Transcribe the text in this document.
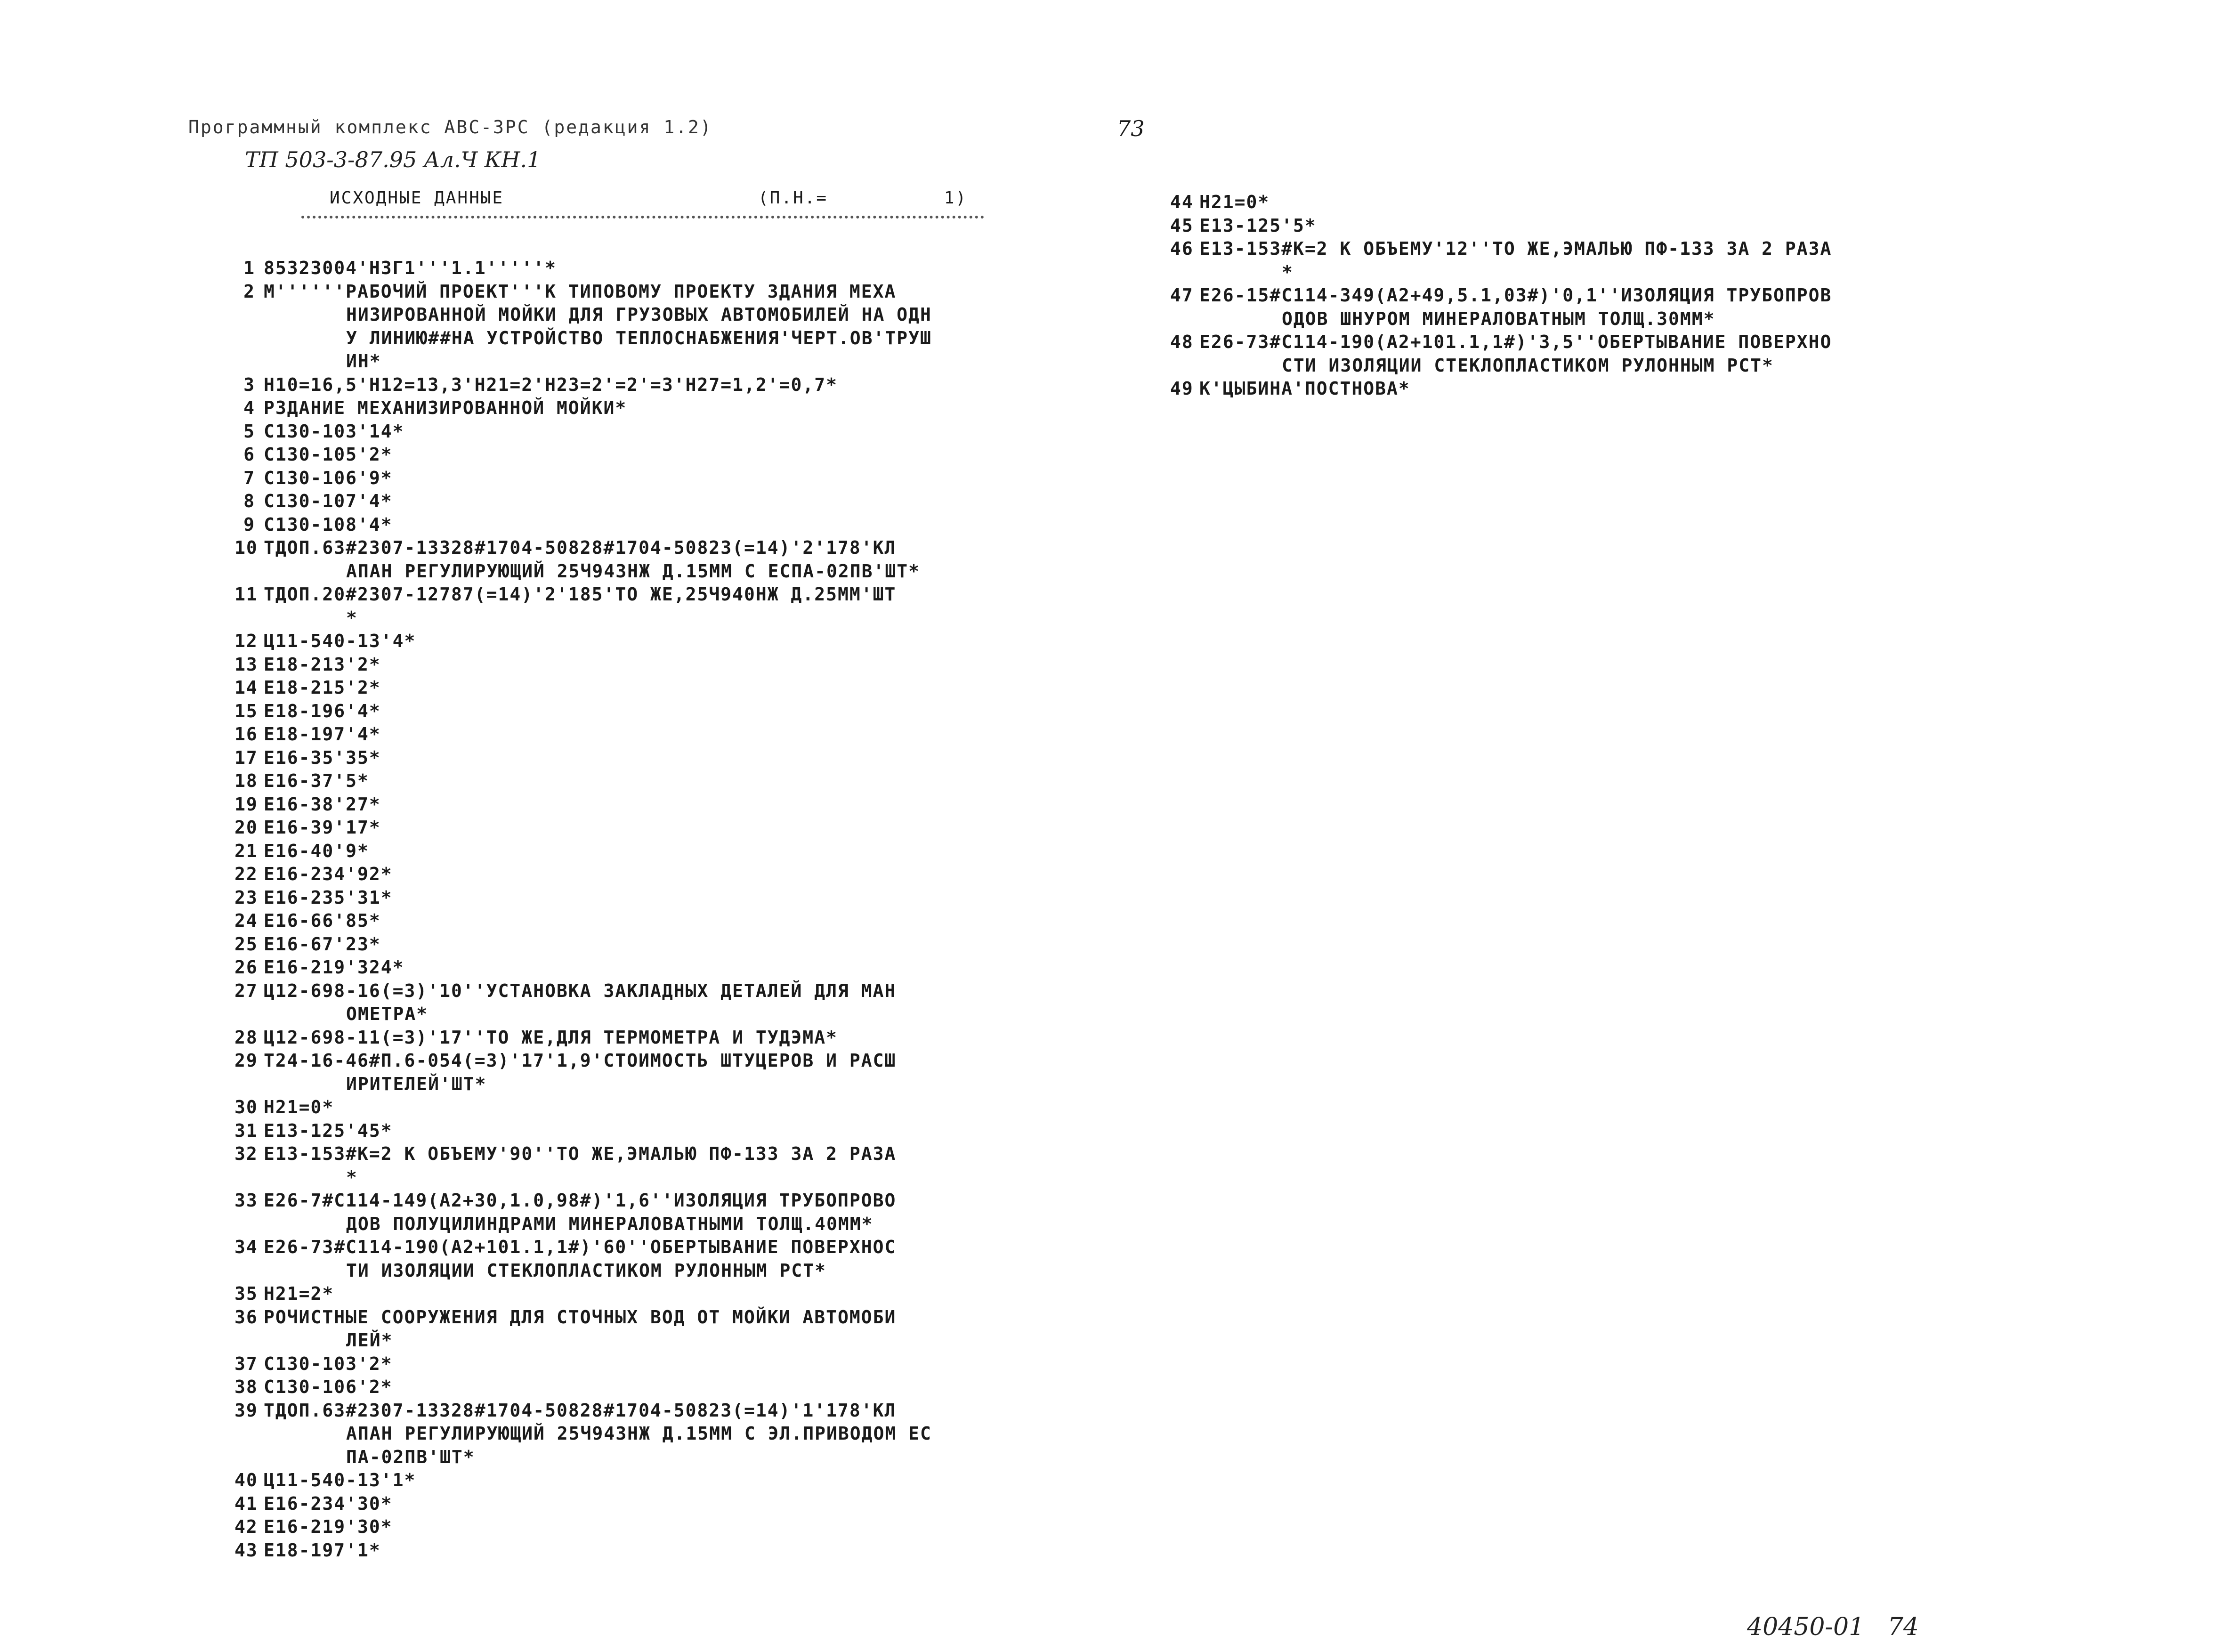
Программный комплекс АВС-3РС (редакция 1.2)	73
ТП 503-3-87.95 Ал.Ч КН.1
ИСХОДНЫЕ ДАННЫЕ	(П.Н.=          1)
1 85323004'НЗГ1'''1.1'''''*
2 М''''''РАБОЧИЙ ПРОЕКТ'''К ТИПОВОМУ ПРОЕКТУ ЗДАНИЯ МЕХА
НИЗИРОВАННОЙ МОЙКИ ДЛЯ ГРУЗОВЫХ АВТОМОБИЛЕЙ НА ОДН
У ЛИНИЮ##НА УСТРОЙСТВО ТЕПЛОСНАБЖЕНИЯ'ЧЕРТ.ОВ'ТРУШ
ИН*
3 Н10=16,5'Н12=13,3'Н21=2'Н23=2'=2'=3'Н27=1,2'=0,7*
4 РЗДАНИЕ МЕХАНИЗИРОВАННОЙ МОЙКИ*
5 С130-103'14*
6 С130-105'2*
7 С130-106'9*
8 С130-107'4*
9 С130-108'4*
10 ТДОП.63#2307-13328#1704-50828#1704-50823(=14)'2'178'КЛ
АПАН РЕГУЛИРУЮЩИЙ 25Ч943НЖ Д.15ММ С ЕСПА-02ПВ'ШТ*
11 ТДОП.20#2307-12787(=14)'2'185'ТО ЖЕ,25Ч940НЖ Д.25ММ'ШТ
*
12 Ц11-540-13'4*
13 Е18-213'2*
14 Е18-215'2*
15 Е18-196'4*
16 Е18-197'4*
17 Е16-35'35*
18 Е16-37'5*
19 Е16-38'27*
20 Е16-39'17*
21 Е16-40'9*
22 Е16-234'92*
23 Е16-235'31*
24 Е16-66'85*
25 Е16-67'23*
26 Е16-219'324*
27 Ц12-698-16(=3)'10''УСТАНОВКА ЗАКЛАДНЫХ ДЕТАЛЕЙ ДЛЯ МАН
ОМЕТРА*
28 Ц12-698-11(=3)'17''ТО ЖЕ,ДЛЯ ТЕРМОМЕТРА И ТУДЭМА*
29 Т24-16-46#П.6-054(=3)'17'1,9'СТОИМОСТЬ ШТУЦЕРОВ И РАСШ
ИРИТЕЛЕЙ'ШТ*
30 Н21=0*
31 Е13-125'45*
32 Е13-153#К=2 К ОБЪЕМУ'90''ТО ЖЕ,ЭМАЛЬЮ ПФ-133 ЗА 2 РАЗА
*
33 Е26-7#С114-149(А2+30,1.0,98#)'1,6''ИЗОЛЯЦИЯ ТРУБОПРОВО
ДОВ ПОЛУЦИЛИНДРАМИ МИНЕРАЛОВАТНЫМИ ТОЛЩ.40ММ*
34 Е26-73#С114-190(А2+101.1,1#)'60''ОБЕРТЫВАНИЕ ПОВЕРХНОС
ТИ ИЗОЛЯЦИИ СТЕКЛОПЛАСТИКОМ РУЛОННЫМ РСТ*
35 Н21=2*
36 РОЧИСТНЫЕ СООРУЖЕНИЯ ДЛЯ СТОЧНЫХ ВОД ОТ МОЙКИ АВТОМОБИ
ЛЕЙ*
37 С130-103'2*
38 С130-106'2*
39 ТДОП.63#2307-13328#1704-50828#1704-50823(=14)'1'178'КЛ
АПАН РЕГУЛИРУЮЩИЙ 25Ч943НЖ Д.15ММ С ЭЛ.ПРИВОДОМ ЕС
ПА-02ПВ'ШТ*
40 Ц11-540-13'1*
41 Е16-234'30*
42 Е16-219'30*
43 Е18-197'1*
44 Н21=0*
45 Е13-125'5*
46 Е13-153#К=2 К ОБЪЕМУ'12''ТО ЖЕ,ЭМАЛЬЮ ПФ-133 ЗА 2 РАЗА
*
47 Е26-15#С114-349(А2+49,5.1,03#)'0,1''ИЗОЛЯЦИЯ ТРУБОПРОВ
ОДОВ ШНУРОМ МИНЕРАЛОВАТНЫМ ТОЛЩ.30ММ*
48 Е26-73#С114-190(А2+101.1,1#)'3,5''ОБЕРТЫВАНИЕ ПОВЕРХНО
СТИ ИЗОЛЯЦИИ СТЕКЛОПЛАСТИКОМ РУЛОННЫМ РСТ*
49 К'ЦЫБИНА'ПОСТНОВА*
40450-01   74
